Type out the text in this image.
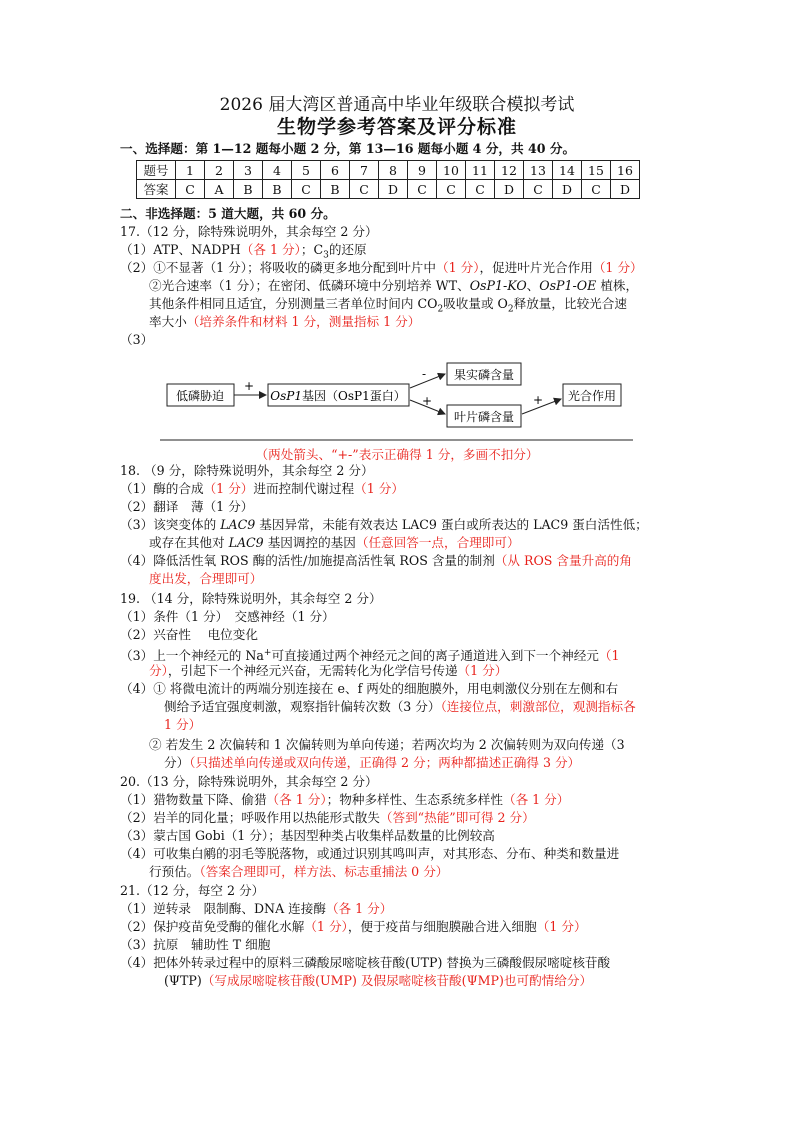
2026 届大湾区普通高中毕业年级联合模拟考试
生物学参考答案及评分标准
一、选择题：第 1—12 题每小题 2 分，第 13—16 题每小题 4 分，共 40 分。
题号	1	2	3	4	5	6	7	8	9	10	11	12	13	14	15	16
答案	C	A	B	B	C	B	C	D	C	C	C	D	C	D	C	D
二、非选择题：5 道大题，共 60 分。
17.（12 分，除特殊说明外，其余每空 2 分）
（1）ATP、NADPH（各 1 分）；$C_3$的还原
（2）①不显著（1 分）；将吸收的磷更多地分配到叶片中（1 分），促进叶片光合作用（1 分）
②光合速率（1 分）；在密闭、低磷环境中分别培养 WT、OsP1-KO、OsP1-OE 植株，
其他条件相同且适宜，分别测量三者单位时间内 $CO_2$吸收量或 $O_2$释放量，比较光合速
率大小（培养条件和材料 1 分，测量指标 1 分）
（3）
低磷胁迫	OsP1基因（OsP1蛋白）
果实磷含量
叶片磷含量
光合作用
+
-
+	+
（两处箭头、“+-”表示正确得 1 分，多画不扣分）
18. （9 分，除特殊说明外，其余每空 2 分）
（1）酶的合成（1 分）进而控制代谢过程（1 分）
（2）翻译　薄（1 分）
（3）该突变体的 LAC9 基因异常，未能有效表达 LAC9 蛋白或所表达的 LAC9 蛋白活性低；
或存在其他对 LAC9 基因调控的基因（任意回答一点，合理即可）
（4）降低活性氧 ROS 酶的活性/加施提高活性氧 ROS 含量的制剂（从 ROS 含量升高的角
度出发，合理即可）
19. （14 分，除特殊说明外，其余每空 2 分）
（1）条件（1 分）　交感神经（1 分）
（2）兴奋性　 电位变化
（3）上一个神经元的 Na+可直接通过两个神经元之间的离子通道进入到下一个神经元（1
分），引起下一个神经元兴奋，无需转化为化学信号传递（1 分）
（4）① 将微电流计的两端分别连接在 e、f 两处的细胞膜外，用电刺激仪分别在左侧和右
侧给予适宜强度刺激，观察指针偏转次数（3 分）（连接位点，刺激部位，观测指标各
1 分）
② 若发生 2 次偏转和 1 次偏转则为单向传递；若两次均为 2 次偏转则为双向传递（3
分）（只描述单向传递或双向传递，正确得 2 分；两种都描述正确得 3 分）
20.（13 分，除特殊说明外，其余每空 2 分）
（1）猎物数量下降、偷猎（各 1 分）；物种多样性、生态系统多样性（各 1 分）
（2）岩羊的同化量；呼吸作用以热能形式散失（答到“热能”即可得 2 分）
（3）蒙古国 Gobi（1 分）；基因型种类占收集样品数量的比例较高
（4）可收集白鹇的羽毛等脱落物，或通过识别其鸣叫声，对其形态、分布、种类和数量进
行预估。（答案合理即可，样方法、标志重捕法 0 分）
21.（12 分，每空 2 分）
（1）逆转录　限制酶、DNA 连接酶（各 1 分）
（2）保护疫苗免受酶的催化水解（1 分），便于疫苗与细胞膜融合进入细胞（1 分）
（3）抗原　辅助性 T 细胞
（4）把体外转录过程中的原料三磷酸尿嘧啶核苷酸(UTP) 替换为三磷酸假尿嘧啶核苷酸
(ΨTP)（写成尿嘧啶核苷酸(UMP) 及假尿嘧啶核苷酸(ΨMP)也可酌情给分）
